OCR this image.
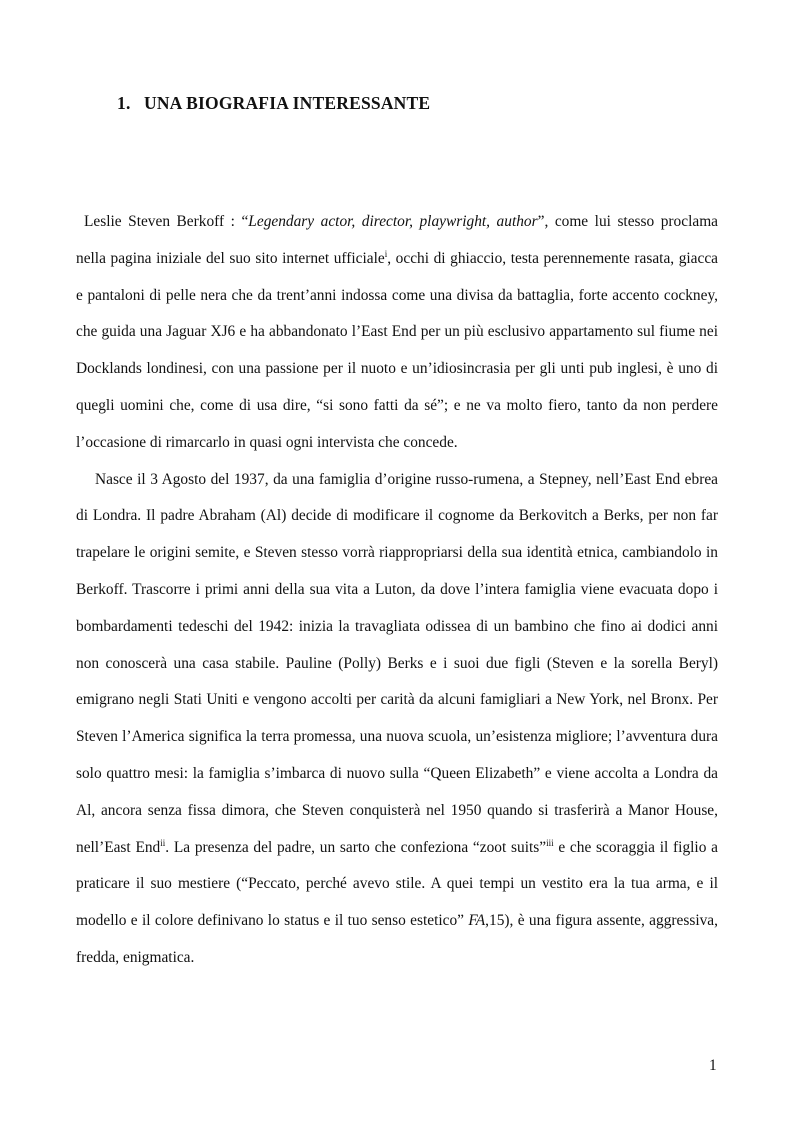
1. UNA BIOGRAFIA INTERESSANTE

Leslie Steven Berkoff : “Legendary actor, director, playwright, author”, come lui stesso proclama nella pagina iniziale del suo sito internet ufficiale$^i$, occhi di ghiaccio, testa perennemente rasata, giacca e pantaloni di pelle nera che da trent’anni indossa come una divisa da battaglia, forte accento cockney, che guida una Jaguar XJ6 e ha abbandonato l’East End per un più esclusivo appartamento sul fiume nei Docklands londinesi, con una passione per il nuoto e un’idiosincrasia per gli unti pub inglesi, è uno di quegli uomini che, come di usa dire, “si sono fatti da sé”; e ne va molto fiero, tanto da non perdere l’occasione di rimarcarlo in quasi ogni intervista che concede.

Nasce il 3 Agosto del 1937, da una famiglia d’origine russo-rumena, a Stepney, nell’East End ebrea di Londra. Il padre Abraham (Al) decide di modificare il cognome da Berkovitch a Berks, per non far trapelare le origini semite, e Steven stesso vorrà riappropriarsi della sua identità etnica, cambiandolo in Berkoff. Trascorre i primi anni della sua vita a Luton, da dove l’intera famiglia viene evacuata dopo i bombardamenti tedeschi del 1942: inizia la travagliata odissea di un bambino che fino ai dodici anni non conoscerà una casa stabile. Pauline (Polly) Berks e i suoi due figli (Steven e la sorella Beryl) emigrano negli Stati Uniti e vengono accolti per carità da alcuni famigliari a New York, nel Bronx. Per Steven l’America significa la terra promessa, una nuova scuola, un’esistenza migliore; l’avventura dura solo quattro mesi: la famiglia s’imbarca di nuovo sulla “Queen Elizabeth” e viene accolta a Londra da Al, ancora senza fissa dimora, che Steven conquisterà nel 1950 quando si trasferirà a Manor House, nell’East End$^{ii}$. La presenza del padre, un sarto che confeziona “zoot suits”$^{iii}$ e che scoraggia il figlio a praticare il suo mestiere (“Peccato, perché avevo stile. A quei tempi un vestito era la tua arma, e il modello e il colore definivano lo status e il tuo senso estetico” FA,15), è una figura assente, aggressiva, fredda, enigmatica.

1
